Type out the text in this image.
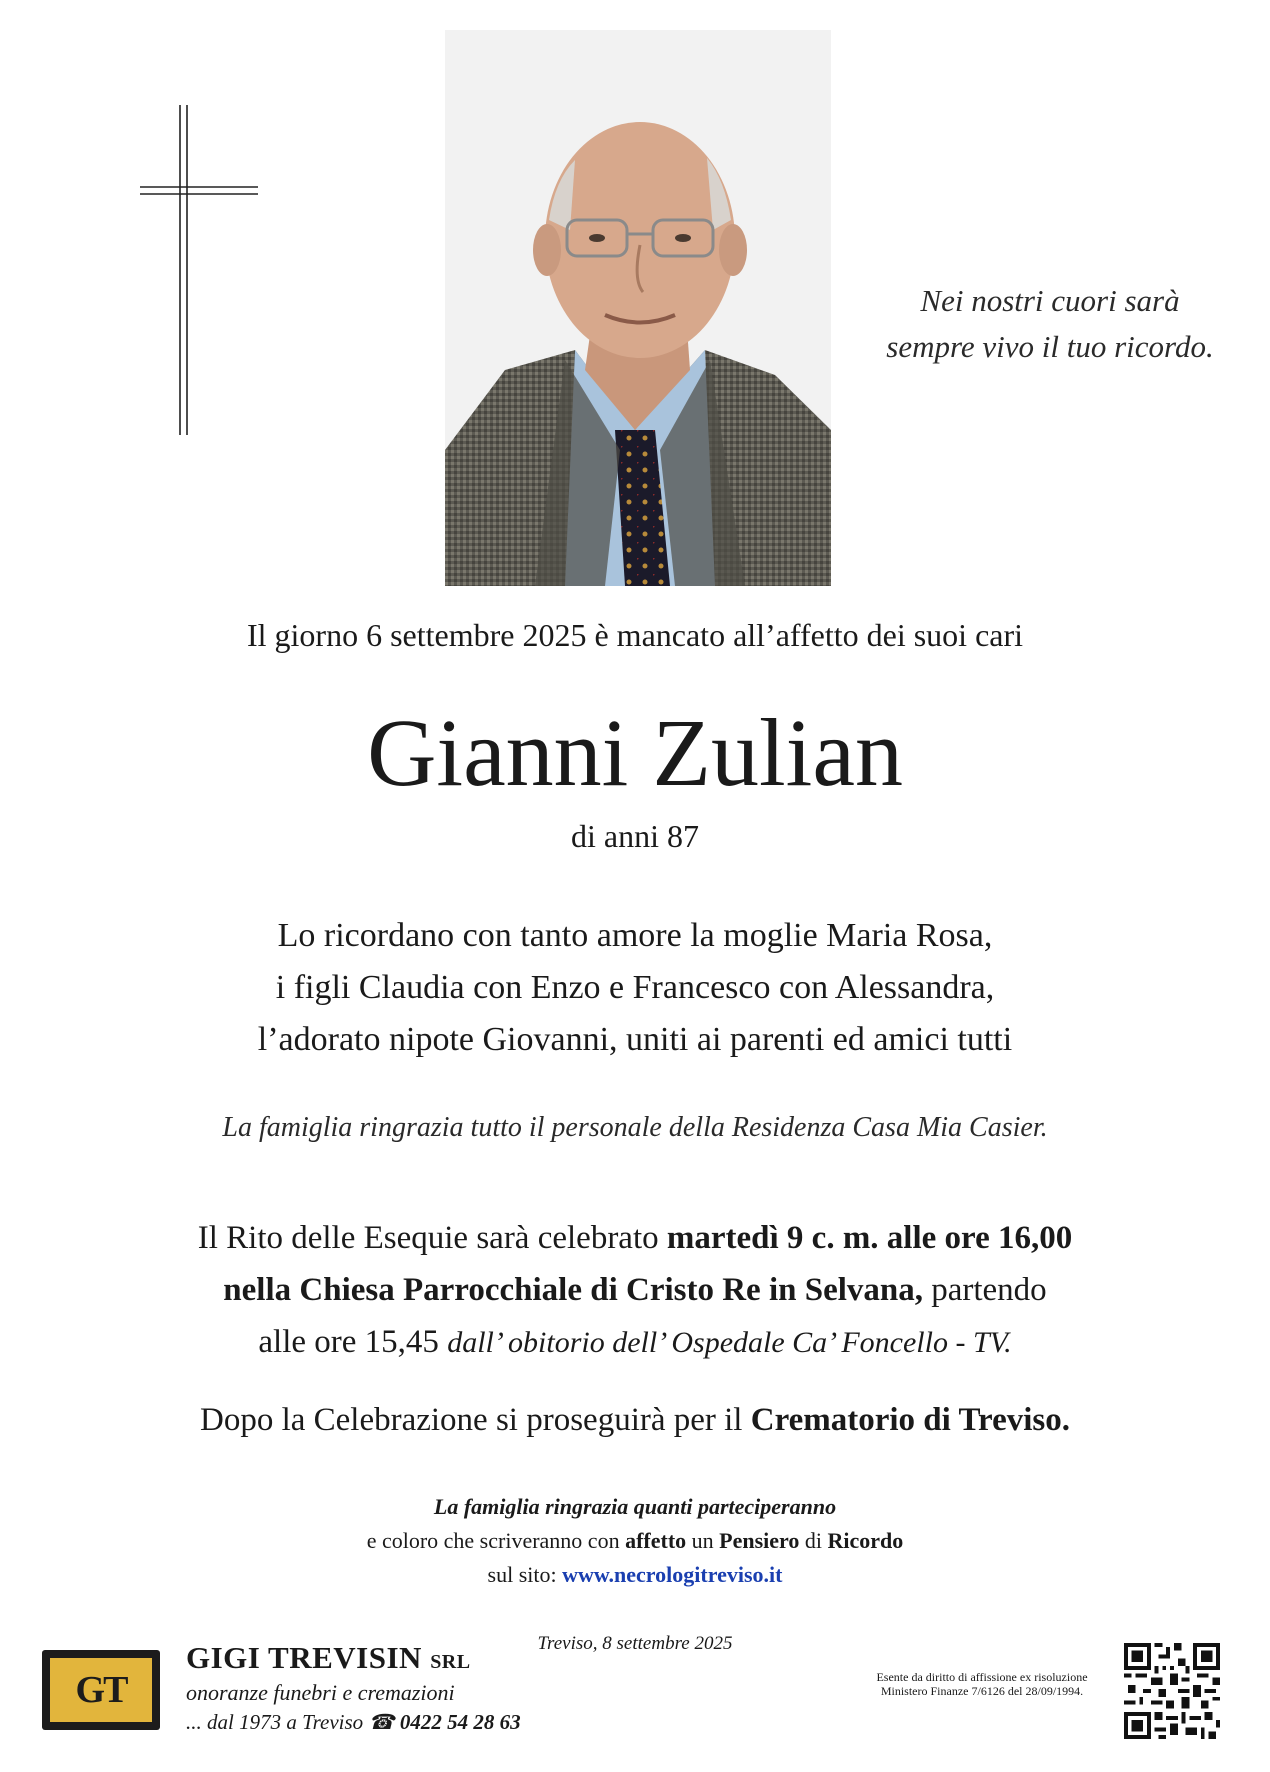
Nei nostri cuori sarà
sempre vivo il tuo ricordo.
Il giorno 6 settembre 2025 è mancato all’affetto dei suoi cari
Gianni Zulian
di anni 87
Lo ricordano con tanto amore la moglie Maria Rosa,
i figli Claudia con Enzo e Francesco con Alessandra,
l’adorato nipote Giovanni, uniti ai parenti ed amici tutti
La famiglia ringrazia tutto il personale della Residenza Casa Mia Casier.
Il Rito delle Esequie sarà celebrato martedì 9 c. m. alle ore 16,00
nella Chiesa Parrocchiale di Cristo Re in Selvana, partendo
alle ore 15,45 dall’ obitorio dell’ Ospedale Ca’ Foncello - TV.
Dopo la Celebrazione si proseguirà per il Crematorio di Treviso.
La famiglia ringrazia quanti parteciperanno
e coloro che scriveranno con affetto un Pensiero di Ricordo
sul sito: www.necrologitreviso.it
GT
GIGI TREVISIN SRL
onoranze funebri e cremazioni
... dal 1973 a Treviso ☎ 0422 54 28 63
Treviso, 8 settembre 2025
Esente da diritto di affissione ex risoluzione
Ministero Finanze 7/6126 del 28/09/1994.
